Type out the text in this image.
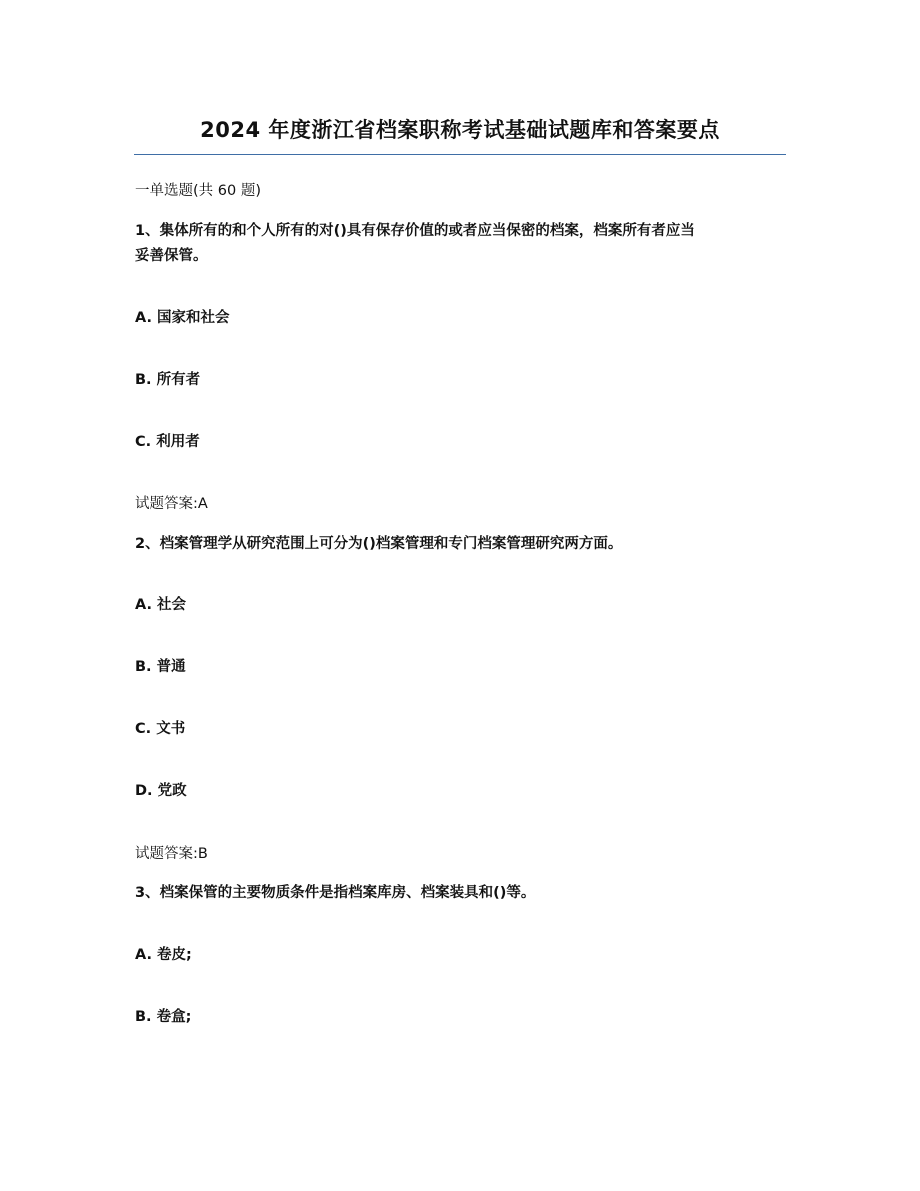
2024 年度浙江省档案职称考试基础试题库和答案要点
一单选题(共 60 题)
1、集体所有的和个人所有的对()具有保存价值的或者应当保密的档案，档案所有者应当
妥善保管。
A. 国家和社会
B. 所有者
C. 利用者
试题答案:A
2、档案管理学从研究范围上可分为()档案管理和专门档案管理研究两方面。
A. 社会
B. 普通
C. 文书
D. 党政
试题答案:B
3、档案保管的主要物质条件是指档案库房、档案装具和()等。
A. 卷皮;
B. 卷盒;
